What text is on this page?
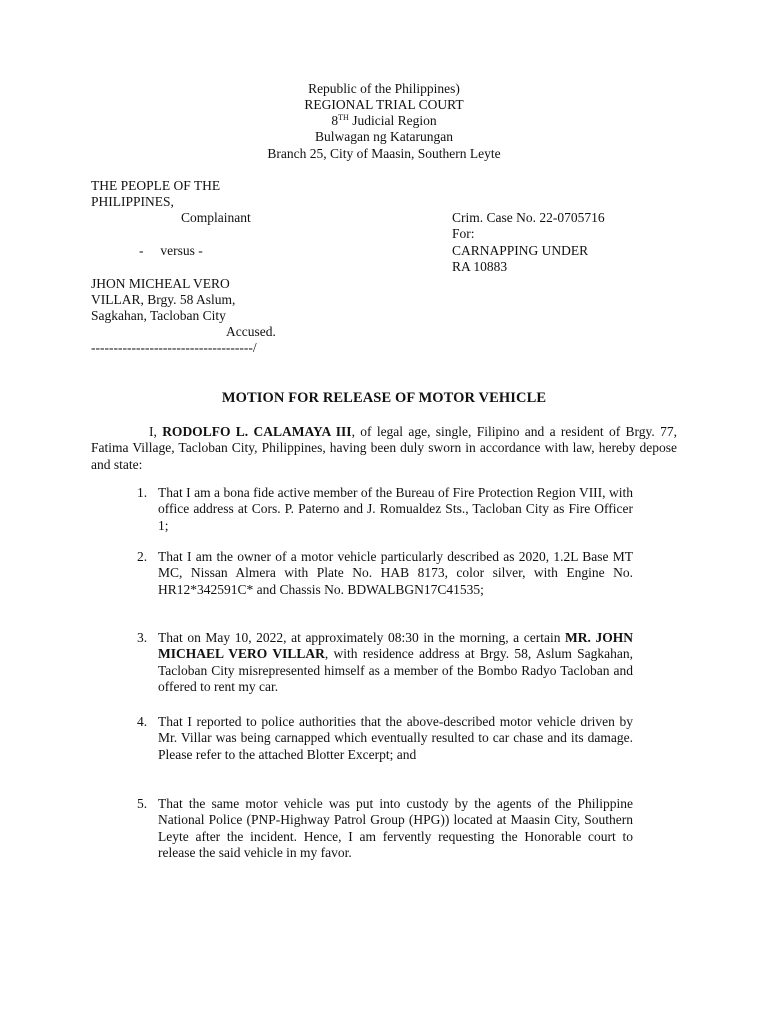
Republic of the Philippines)
REGIONAL TRIAL COURT
8TH Judicial Region
Bulwagan ng Katarungan
Branch 25, City of Maasin, Southern Leyte
THE PEOPLE OF THE
PHILIPPINES,
Complainant
-     versus -
JHON MICHEAL VERO
VILLAR, Brgy. 58 Aslum,
Sagkahan, Tacloban City
Accused.
------------------------------------/
Crim. Case No. 22-0705716
For:
CARNAPPING UNDER
RA 10883
MOTION FOR RELEASE OF MOTOR VEHICLE
I, RODOLFO L. CALAMAYA III, of legal age, single, Filipino and a resident of Brgy. 77, Fatima Village, Tacloban City, Philippines, having been duly sworn in accordance with law, hereby depose and state:
1. That I am a bona fide active member of the Bureau of Fire Protection Region VIII, with office address at Cors. P. Paterno and J. Romualdez Sts., Tacloban City as Fire Officer 1;
2. That I am the owner of a motor vehicle particularly described as 2020, 1.2L Base MT MC, Nissan Almera with Plate No. HAB 8173, color silver, with Engine No. HR12*342591C* and Chassis No. BDWALBGN17C41535;
3. That on May 10, 2022, at approximately 08:30 in the morning, a certain MR. JOHN MICHAEL VERO VILLAR, with residence address at Brgy. 58, Aslum Sagkahan, Tacloban City misrepresented himself as a member of the Bombo Radyo Tacloban and offered to rent my car.
4. That I reported to police authorities that the above-described motor vehicle driven by Mr. Villar was being carnapped which eventually resulted to car chase and its damage. Please refer to the attached Blotter Excerpt; and
5. That the same motor vehicle was put into custody by the agents of the Philippine National Police (PNP-Highway Patrol Group (HPG)) located at Maasin City, Southern Leyte after the incident. Hence, I am fervently requesting the Honorable court to release the said vehicle in my favor.
